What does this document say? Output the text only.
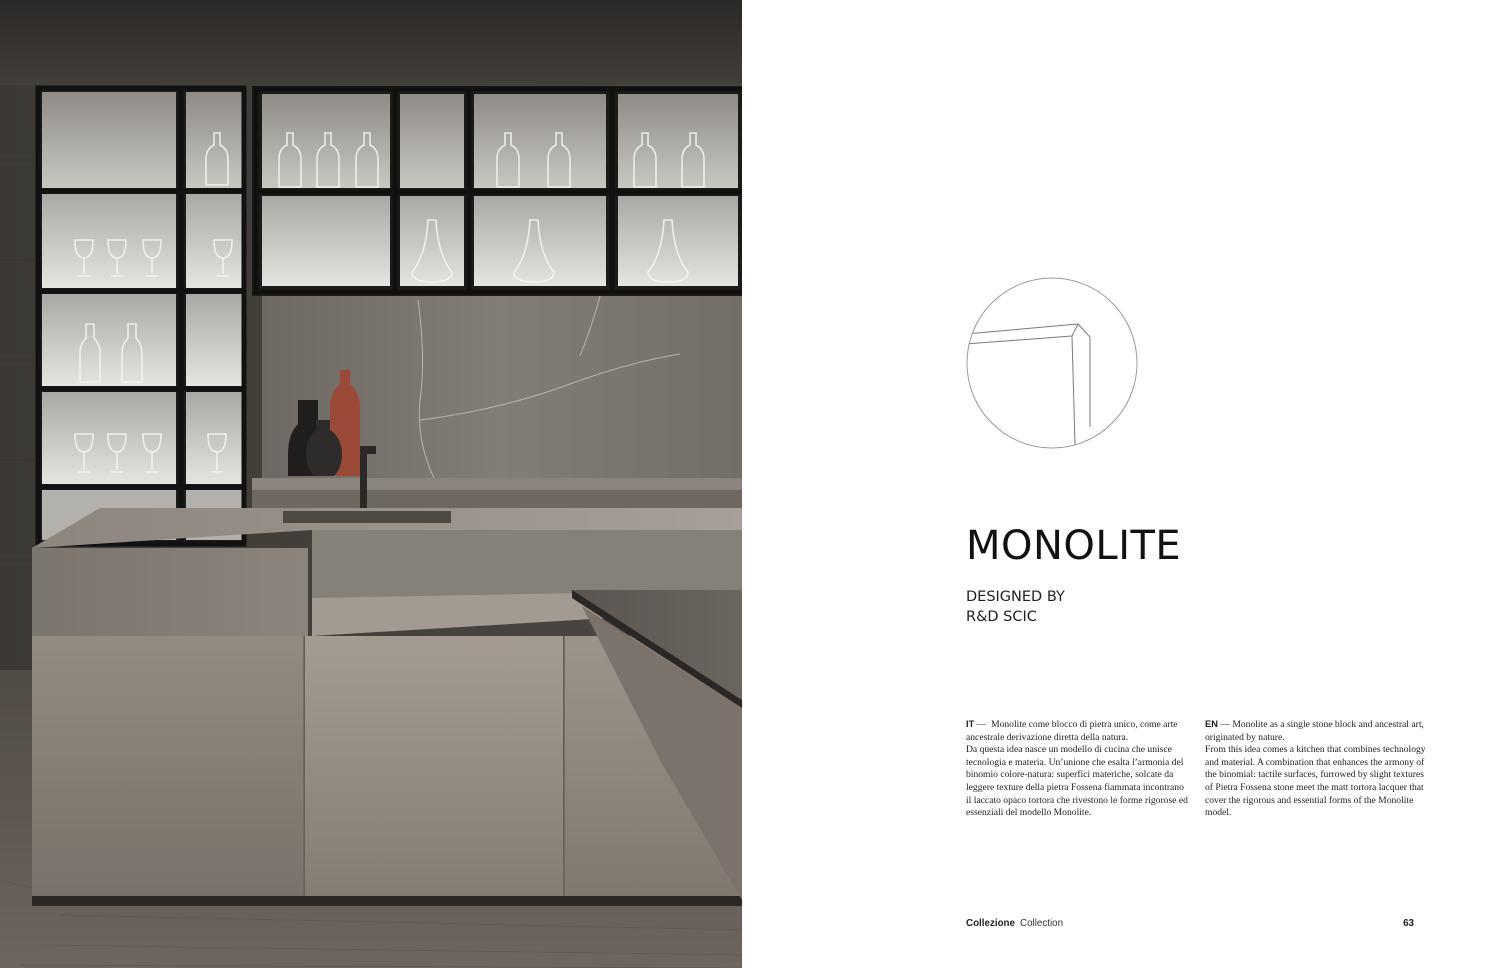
MONOLITE
DESIGNED BY
R&D SCIC

IT — Monolite come blocco di pietra unico, come arte ancestrale derivazione diretta della natura.

Da questa idea nasce un modello di cucina che unisce tecnologia e materia. Un’unione che esalta l’armonia del binomio colore-natura: superfici materiche, solcate da leggere texture della pietra Fossena fiammata incontrano il laccato opaco tortora che rivestono le forme rigorose ed essenziali del modello Monolite.

EN — Monolite as a single stone block and ancestral art, originated by nature.

From this idea comes a kitchen that combines technology and material. A combination that enhances the armony of the binomial: tactile surfaces, furrowed by slight textures of Pietra Fossena stone meet the matt tortora lacquer that cover the rigorous and essential forms of the Monolite model.

Collezione Collection	63
